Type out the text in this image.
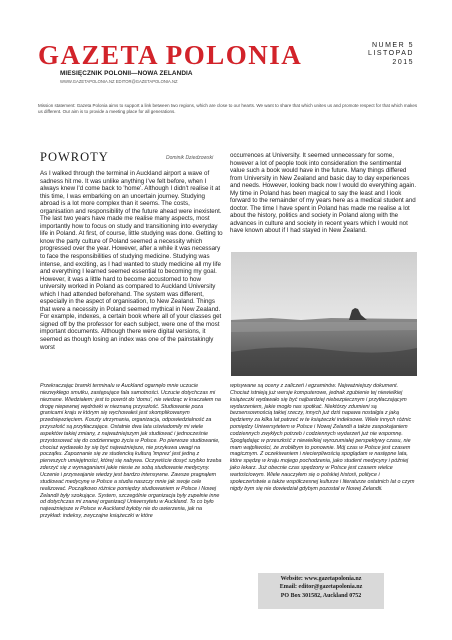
GAZETA POLONIA
MIESIĘCZNIK POLONII—NOWA ZELANDIA
WWW.GAZETAPOLONIA.NZ EDITOR@GAZETAPOLONIA.NZ
NUMER 5
LISTOPAD
2015
Mission statement: Gazeta Polonia aims to support a link between two regions, which are close to our hearts. We want to share that which unites us and promote respect for that which makes us different. Our aim is to provide a meeting place for all generations.
POWROTY	Dominik Dziedzowski

As I walked through the terminal in Auckland airport a wave of sadness hit me. It was unlike anything I've felt before, when I always knew I'd come back to 'home'. Although I didn't realise it at this time, I was embarking on an uncertain journey. Studying abroad is a lot more complex than it seems. The costs, organisation and responsibility of the future ahead were inexistent. The last two years have made me realise many aspects, most importantly how to focus on study and transitioning into everyday life in Poland. At first, of course, little studying was done. Getting to know the party culture of Poland seemed a necessity which progressed over the year. However, after a while it was necessary to face the responsibilities of studying medicine. Studying was intense, and exciting, as I had wanted to study medicine all my life and everything I learned seemed essential to becoming my goal. However, it was a little hard to become accustomed to how university worked in Poland as compared to Auckland University which I had attended beforehand. The system was different, especially in the aspect of organisation, to New Zealand. Things that were a necessity in Poland seemed mythical in New Zealand. For example, indexes, a certain book where all of your classes get signed off by the professor for each subject, were one of the most important documents. Although there were digital versions, it seemed as though losing an index was one of the painstakingly worst

occurrences at University. It seemed unnecessary for some, however a lot of people took into consideration the sentimental value such a book would have in the future. Many things differed from University in New Zealand and basic day to day experiences and needs. However, looking back now I would do everything again. My time in Poland has been magical to say the least and I look forward to the remainder of my years here as a medical student and doctor. The time I have spent in Poland has made me realise a lot about the history, politics and society in Poland along with the advances in culture and society in recent years which I would not have known about if I had stayed in New Zealand.

Przekraczając bramki terminalu w Auckland ogarnęło mnie uczucie niezwykłego smutku, zastępujące fala samotności. Uczucie dotychczas mi nieznane. Wiedziałem: jest to powrót do 'domu', nie wiedząc w kraczałem na drogę niepewnej wędrówki w nieznaną przyszłość. Studiowanie poza granicami kraju w którym się wychowałeś jest skomplikowanym przedsięwzięciem. Koszty utrzymania, organizacja, odpowiedzialność za przyszłość są przytłaczające. Ostatnie dwa lata uświadomiły mi wiele aspektów takiej zmiany, z najważniejszym jak studiować i jednocześnie przystosować się do codziennego życia w Polsce. Po pierwsze studiowanie, chociaż wydawało by się być najważniejsze, nie przykuwa uwagi na początku. Zapoznanie się ze studencką kulturą 'imprez' jest jedną z pierwszych umiejętności, której się nabywa. Oczywiście dosyć szybko trzeba zderzyć się z wymaganiami jakie niesie ze sobą studiowanie medycyny. Uczenie i przyswajanie wiedzy jest bardzo intensywne. Zawsze pragnąłem studiować medycynę w Polsce a studia naszczy mnie jak swoje cele realizować. Początkowo różnice pomiędzy studiowaniem w Polsce i Nowej Zelandii były szokujące. System, szczególnie organizacja były zupełnie inne od dotychczas mi znanej organizacji Uniwersytetu w Auckland. To co było najważniejsze w Polsce w Auckland byłoby nie do uwierzenia, jak na przykład: indeksy, zwyczajne książeczki w które

wpisywane są oceny z zaliczeń i egzaminów. Najważniejszy dokument. Chociaż istnieją już wersje komputerowe, jednak zgubienie tej niewielkiej książeczki wydawało się być najbardziej niebezpiecznym i przytłaczającym wydarzeniem, jakie mogło nas spotkać. Niektórzy zdumieni są bezsensownością takiej rzeczy, innych już dziś napawa nostalgia z jaką będziemy za kilka lat patrzeć w te książeczki indeksowe. Wiele innych różnic pomiędzy Uniwersytetem w Polsce i Nowej Zelandii a także zaspokajaniem codziennych zwykłych potrzeb i codziennych wydarzeń już nie wspomnę. Spoglądając w przeszłość z niewielkiej wyrozumiałej perspektywy czasu, nie mam wątpliwości, że zrobiłbym to ponownie. Mój czas w Polsce jest czasem magicznym. Z oczekiwaniem i niecierpliwością spoglądam w następne lata, które spędzę w kraju mojego pochodzenia, jako student medycyny i później jako lekarz. Już obecnie czas spędzony w Polsce jest czasem wielce wartościowym. Wiele nauczyłem się o polskiej historii, polityce i społeczeństwie a także współczesnej kulturze i literaturze ostatnich lat o czym nigdy bym się nie dowiedział gdybym pozostał w Nowej Zelandii.

Website: www.gazetapolonia.nz
Email: editor@gazetapolonia.nz
PO Box 301582, Auckland 0752
